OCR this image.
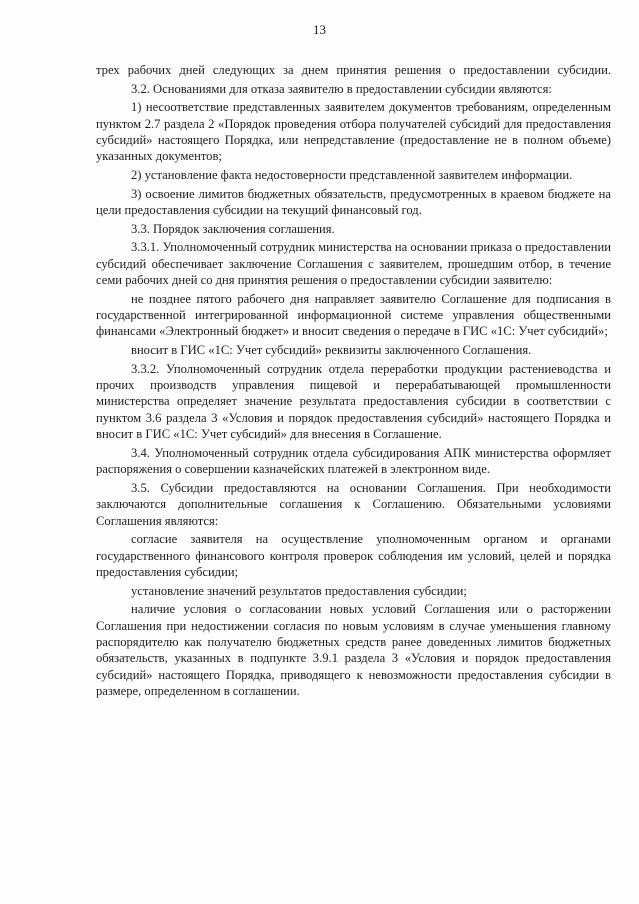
13

трех рабочих дней следующих за днем принятия решения о предоставлении субсидии.

3.2. Основаниями для отказа заявителю в предоставлении субсидии являются:

1) несоответствие представленных заявителем документов требованиям, определенным пунктом 2.7 раздела 2 «Порядок проведения отбора получателей субсидий для предоставления субсидий» настоящего Порядка, или непредставление (предоставление не в полном объеме) указанных документов;

2) установление факта недостоверности представленной заявителем информации.

3) освоение лимитов бюджетных обязательств, предусмотренных в краевом бюджете на цели предоставления субсидии на текущий финансовый год.

3.3. Порядок заключения соглашения.

3.3.1. Уполномоченный сотрудник министерства на основании приказа о предоставлении субсидий обеспечивает заключение Соглашения с заявителем, прошедшим отбор, в течение семи рабочих дней со дня принятия решения о предоставлении субсидии заявителю:

не позднее пятого рабочего дня направляет заявителю Соглашение для подписания в государственной интегрированной информационной системе управления общественными финансами «Электронный бюджет» и вносит сведения о передаче в ГИС «1С: Учет субсидий»;

вносит в ГИС «1С: Учет субсидий» реквизиты заключенного Соглашения.

3.3.2. Уполномоченный сотрудник отдела переработки продукции растениеводства и прочих производств управления пищевой и перерабатывающей промышленности министерства определяет значение результата предоставления субсидии в соответствии с пунктом 3.6 раздела 3 «Условия и порядок предоставления субсидий» настоящего Порядка и вносит в ГИС «1С: Учет субсидий» для внесения в Соглашение.

3.4. Уполномоченный сотрудник отдела субсидирования АПК министерства оформляет распоряжения о совершении казначейских платежей в электронном виде.

3.5. Субсидии предоставляются на основании Соглашения. При необходимости заключаются дополнительные соглашения к Соглашению. Обязательными условиями Соглашения являются:

согласие заявителя на осуществление уполномоченным органом и органами государственного финансового контроля проверок соблюдения им условий, целей и порядка предоставления субсидии;

установление значений результатов предоставления субсидии;

наличие условия о согласовании новых условий Соглашения или о расторжении Соглашения при недостижении согласия по новым условиям в случае уменьшения главному распорядителю как получателю бюджетных средств ранее доведенных лимитов бюджетных обязательств, указанных в подпункте 3.9.1 раздела 3 «Условия и порядок предоставления субсидий» настоящего Порядка, приводящего к невозможности предоставления субсидии в размере, определенном в соглашении.
